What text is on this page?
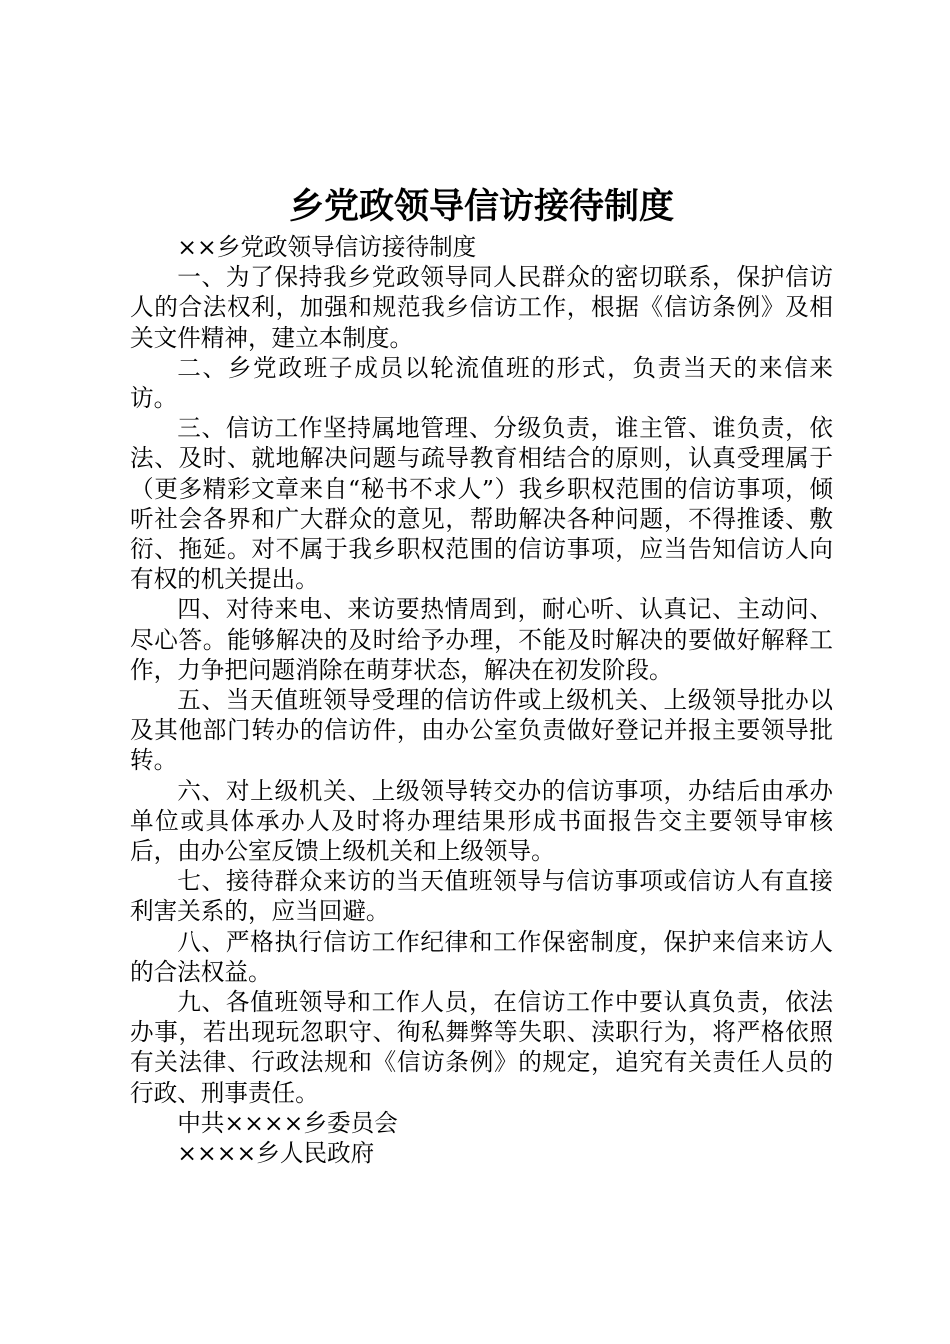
乡党政领导信访接待制度

××乡党政领导信访接待制度

一、为了保持我乡党政领导同人民群众的密切联系，保护信访人的合法权利，加强和规范我乡信访工作，根据《信访条例》及相关文件精神，建立本制度。

二、乡党政班子成员以轮流值班的形式，负责当天的来信来访。

三、信访工作坚持属地管理、分级负责，谁主管、谁负责，依法、及时、就地解决问题与疏导教育相结合的原则，认真受理属于（更多精彩文章来自“秘书不求人”）我乡职权范围的信访事项，倾听社会各界和广大群众的意见，帮助解决各种问题，不得推诿、敷衍、拖延。对不属于我乡职权范围的信访事项，应当告知信访人向有权的机关提出。

四、对待来电、来访要热情周到，耐心听、认真记、主动问、尽心答。能够解决的及时给予办理，不能及时解决的要做好解释工作，力争把问题消除在萌芽状态，解决在初发阶段。

五、当天值班领导受理的信访件或上级机关、上级领导批办以及其他部门转办的信访件，由办公室负责做好登记并报主要领导批转。

六、对上级机关、上级领导转交办的信访事项，办结后由承办单位或具体承办人及时将办理结果形成书面报告交主要领导审核后，由办公室反馈上级机关和上级领导。

七、接待群众来访的当天值班领导与信访事项或信访人有直接利害关系的，应当回避。

八、严格执行信访工作纪律和工作保密制度，保护来信来访人的合法权益。

九、各值班领导和工作人员，在信访工作中要认真负责，依法办事，若出现玩忽职守、徇私舞弊等失职、渎职行为，将严格依照有关法律、行政法规和《信访条例》的规定，追究有关责任人员的行政、刑事责任。

中共××××乡委员会

××××乡人民政府
